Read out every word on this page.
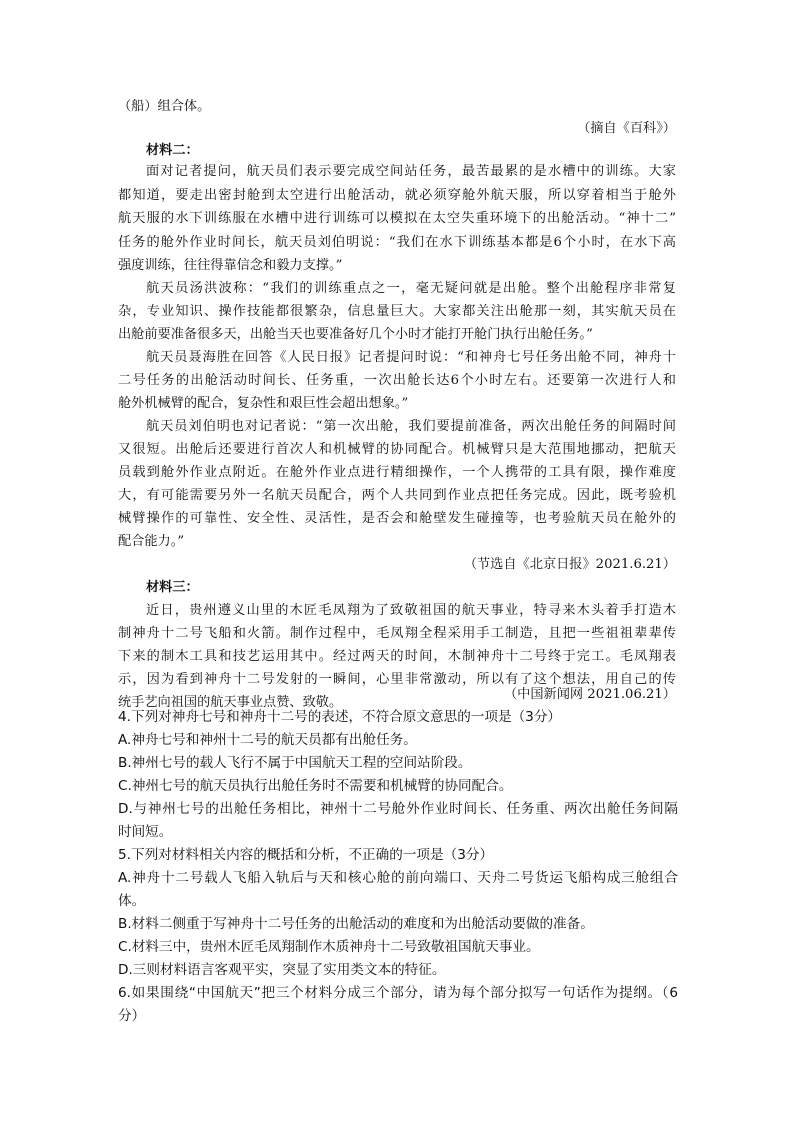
（船）组合体。
（摘自《百科》）
材料二：
面对记者提问，航天员们表示要完成空间站任务，最苦最累的是水槽中的训练。大家
都知道，要走出密封舱到太空进行出舱活动，就必须穿舱外航天服，所以穿着相当于舱外
航天服的水下训练服在水槽中进行训练可以模拟在太空失重环境下的出舱活动。“神十二”
任务的舱外作业时间长，航天员刘伯明说：“我们在水下训练基本都是6个小时，在水下高
强度训练，往往得靠信念和毅力支撑。”
航天员汤洪波称：“我们的训练重点之一，毫无疑问就是出舱。整个出舱程序非常复
杂，专业知识、操作技能都很繁杂，信息量巨大。大家都关注出舱那一刻，其实航天员在
出舱前要准备很多天，出舱当天也要准备好几个小时才能打开舱门执行出舱任务。”
航天员聂海胜在回答《人民日报》记者提问时说：“和神舟七号任务出舱不同，神舟十
二号任务的出舱活动时间长、任务重，一次出舱长达6个小时左右。还要第一次进行人和
舱外机械臂的配合，复杂性和艰巨性会超出想象。”
航天员刘伯明也对记者说：“第一次出舱，我们要提前准备，两次出舱任务的间隔时间
又很短。出舱后还要进行首次人和机械臂的协同配合。机械臂只是大范围地挪动，把航天
员载到舱外作业点附近。在舱外作业点进行精细操作，一个人携带的工具有限，操作难度
大，有可能需要另外一名航天员配合，两个人共同到作业点把任务完成。因此，既考验机
械臂操作的可靠性、安全性、灵活性，是否会和舱壁发生碰撞等，也考验航天员在舱外的
配合能力。”
（节选自《北京日报》2021.6.21）
材料三：
近日，贵州遵义山里的木匠毛凤翔为了致敬祖国的航天事业，特寻来木头着手打造木
制神舟十二号飞船和火箭。制作过程中，毛凤翔全程采用手工制造，且把一些祖祖辈辈传
下来的制木工具和技艺运用其中。经过两天的时间，木制神舟十二号终于完工。毛凤翔表
示，因为看到神舟十二号发射的一瞬间，心里非常激动，所以有了这个想法，用自己的传
统手艺向祖国的航天事业点赞、致敬。
（中国新闻网 2021.06.21）
4.下列对神舟七号和神舟十二号的表述，不符合原文意思的一项是（3分）
A.神舟七号和神州十二号的航天员都有出舱任务。
B.神州七号的载人飞行不属于中国航天工程的空间站阶段。
C.神州七号的航天员执行出舱任务时不需要和机械臂的协同配合。
D.与神州七号的出舱任务相比，神州十二号舱外作业时间长、任务重、两次出舱任务间隔
时间短。
5.下列对材料相关内容的概括和分析，不正确的一项是（3分）
A.神舟十二号载人飞船入轨后与天和核心舱的前向端口、天舟二号货运飞船构成三舱组合
体。
B.材料二侧重于写神舟十二号任务的出舱活动的难度和为出舱活动要做的准备。
C.材料三中，贵州木匠毛凤翔制作木质神舟十二号致敬祖国航天事业。
D.三则材料语言客观平实，突显了实用类文本的特征。
6.如果围绕“中国航天”把三个材料分成三个部分，请为每个部分拟写一句话作为提纲。（6
分）
